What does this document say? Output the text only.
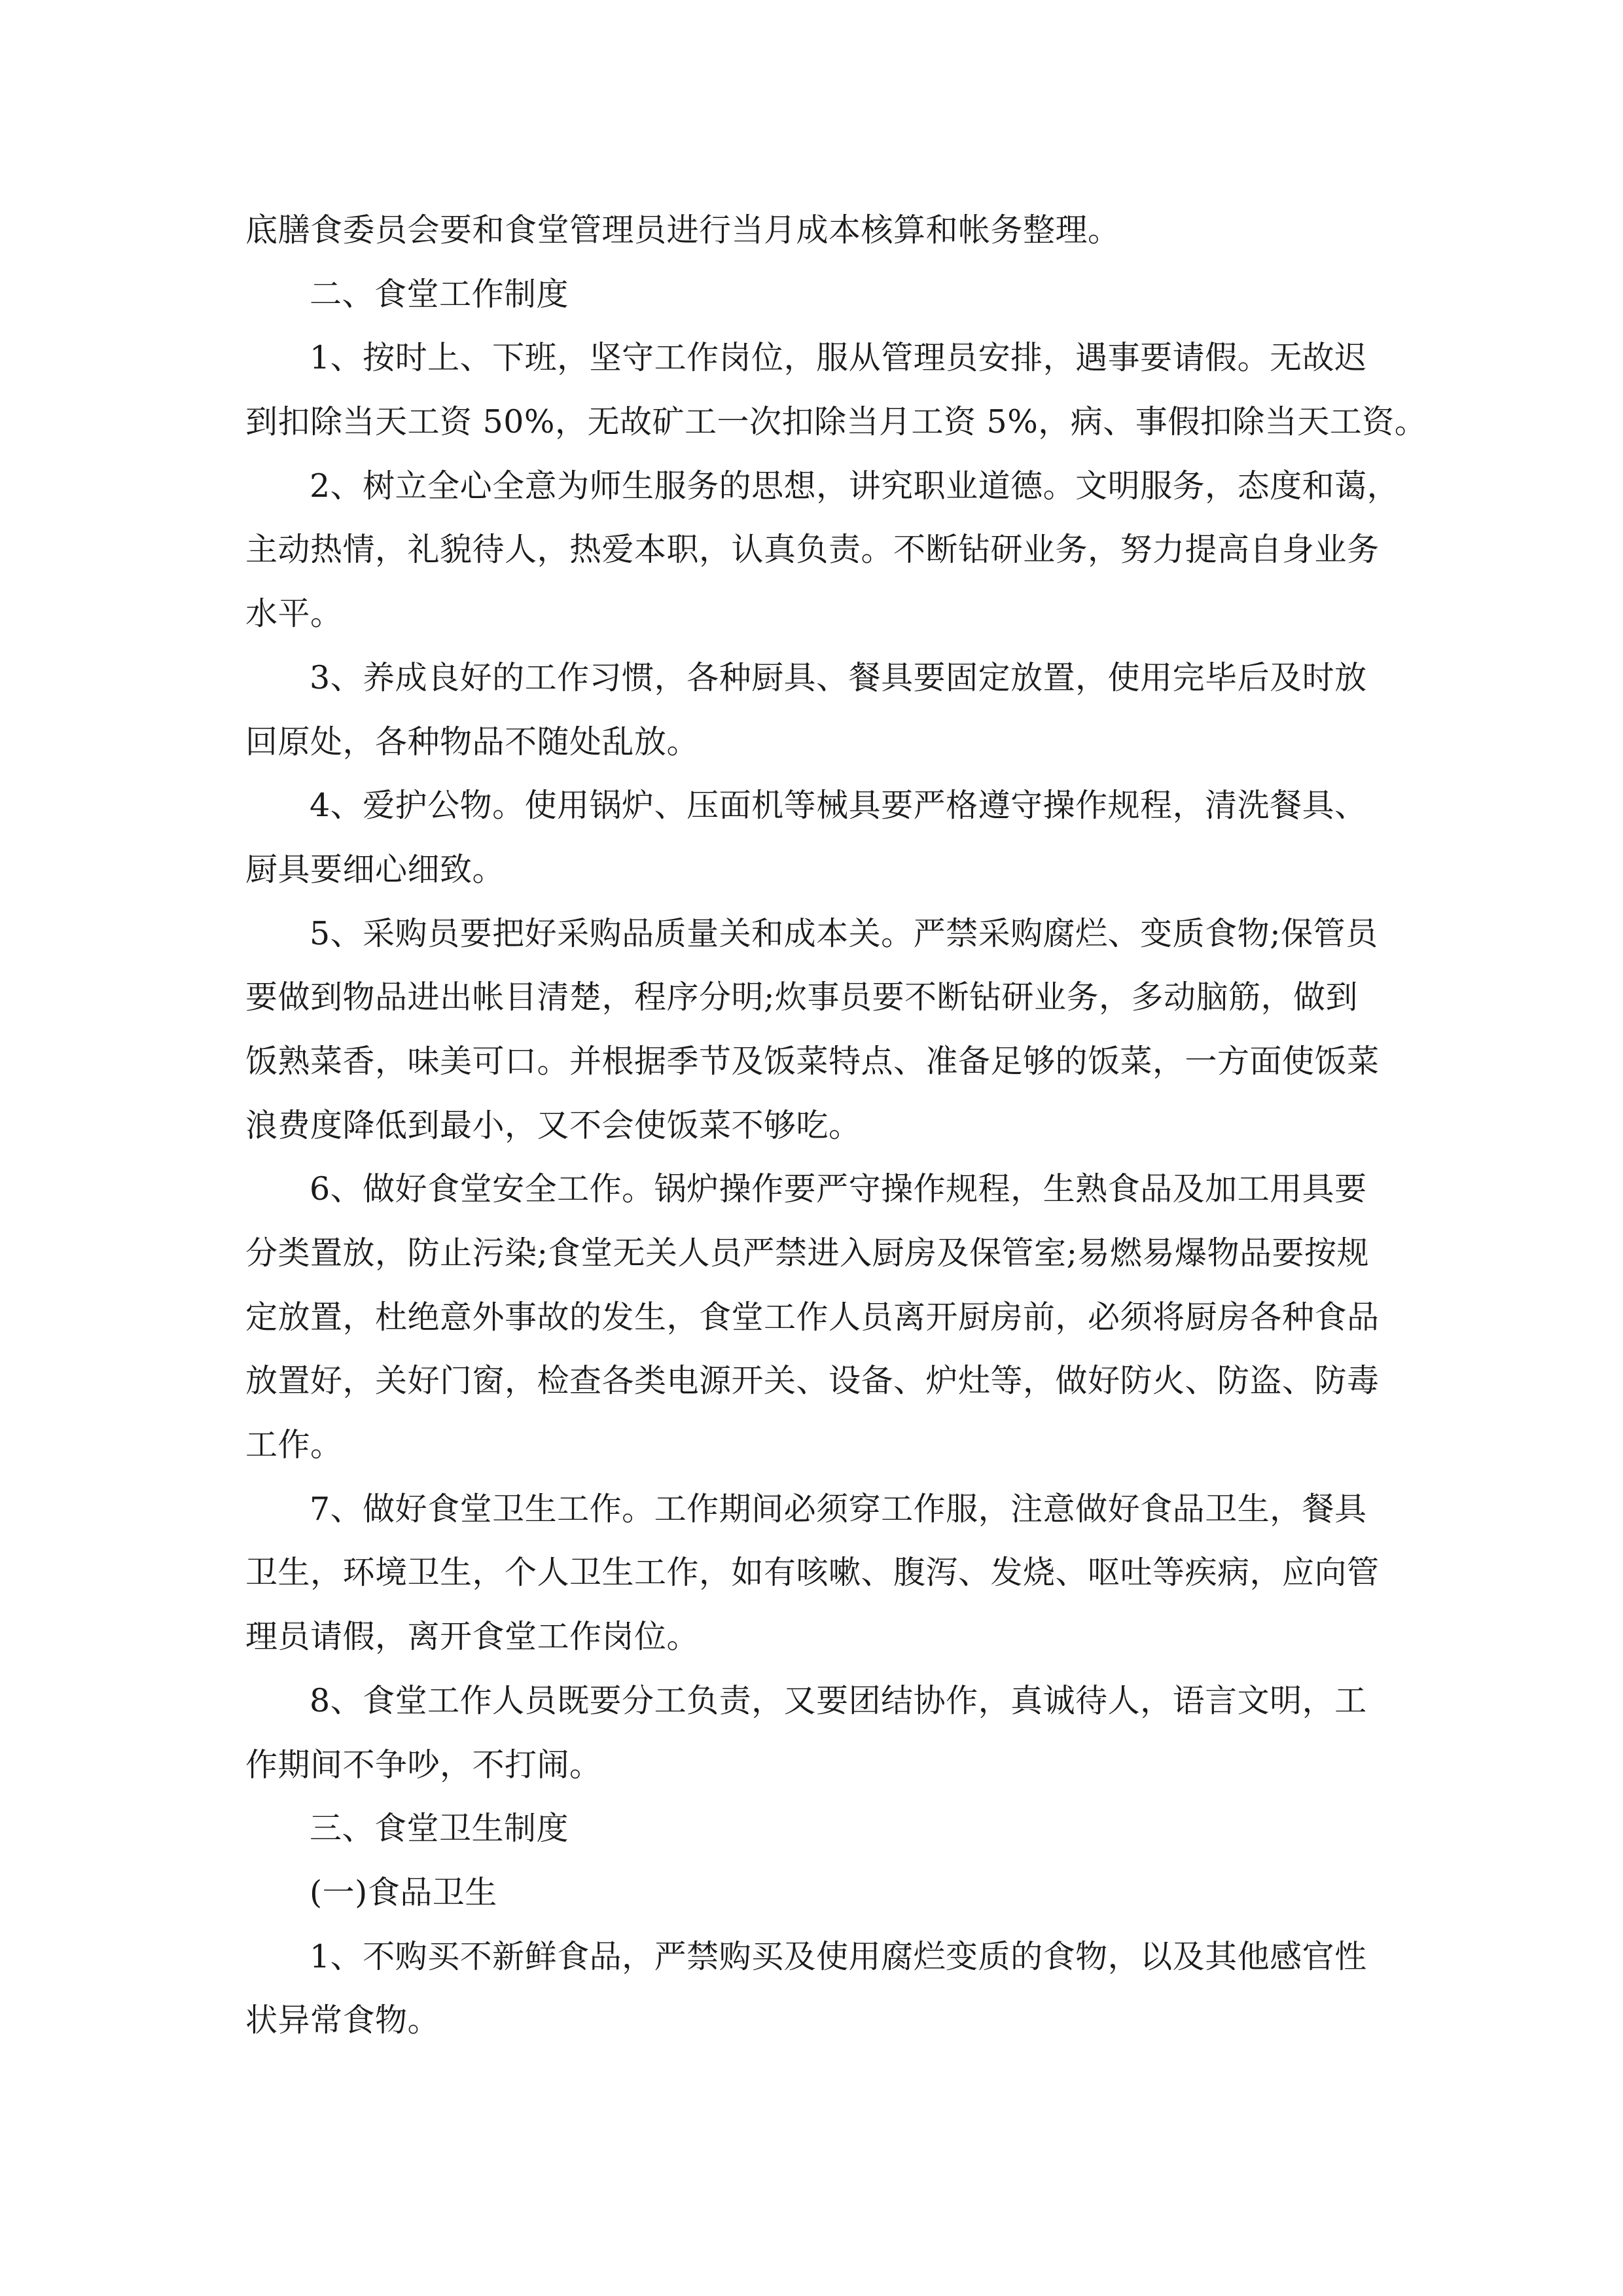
底膳食委员会要和食堂管理员进行当月成本核算和帐务整理。
二、食堂工作制度
1、按时上、下班，坚守工作岗位，服从管理员安排，遇事要请假。无故迟
到扣除当天工资 50%，无故矿工一次扣除当月工资 5%，病、事假扣除当天工资。
2、树立全心全意为师生服务的思想，讲究职业道德。文明服务，态度和蔼，
主动热情，礼貌待人，热爱本职，认真负责。不断钻研业务，努力提高自身业务
水平。
3、养成良好的工作习惯，各种厨具、餐具要固定放置，使用完毕后及时放
回原处，各种物品不随处乱放。
4、爱护公物。使用锅炉、压面机等械具要严格遵守操作规程，清洗餐具、
厨具要细心细致。
5、采购员要把好采购品质量关和成本关。严禁采购腐烂、变质食物;保管员
要做到物品进出帐目清楚，程序分明;炊事员要不断钻研业务，多动脑筋，做到
饭熟菜香，味美可口。并根据季节及饭菜特点、准备足够的饭菜，一方面使饭菜
浪费度降低到最小，又不会使饭菜不够吃。
6、做好食堂安全工作。锅炉操作要严守操作规程，生熟食品及加工用具要
分类置放，防止污染;食堂无关人员严禁进入厨房及保管室;易燃易爆物品要按规
定放置，杜绝意外事故的发生，食堂工作人员离开厨房前，必须将厨房各种食品
放置好，关好门窗，检查各类电源开关、设备、炉灶等，做好防火、防盗、防毒
工作。
7、做好食堂卫生工作。工作期间必须穿工作服，注意做好食品卫生，餐具
卫生，环境卫生，个人卫生工作，如有咳嗽、腹泻、发烧、呕吐等疾病，应向管
理员请假，离开食堂工作岗位。
8、食堂工作人员既要分工负责，又要团结协作，真诚待人，语言文明，工
作期间不争吵，不打闹。
三、食堂卫生制度
(一)食品卫生
1、不购买不新鲜食品，严禁购买及使用腐烂变质的食物，以及其他感官性
状异常食物。
